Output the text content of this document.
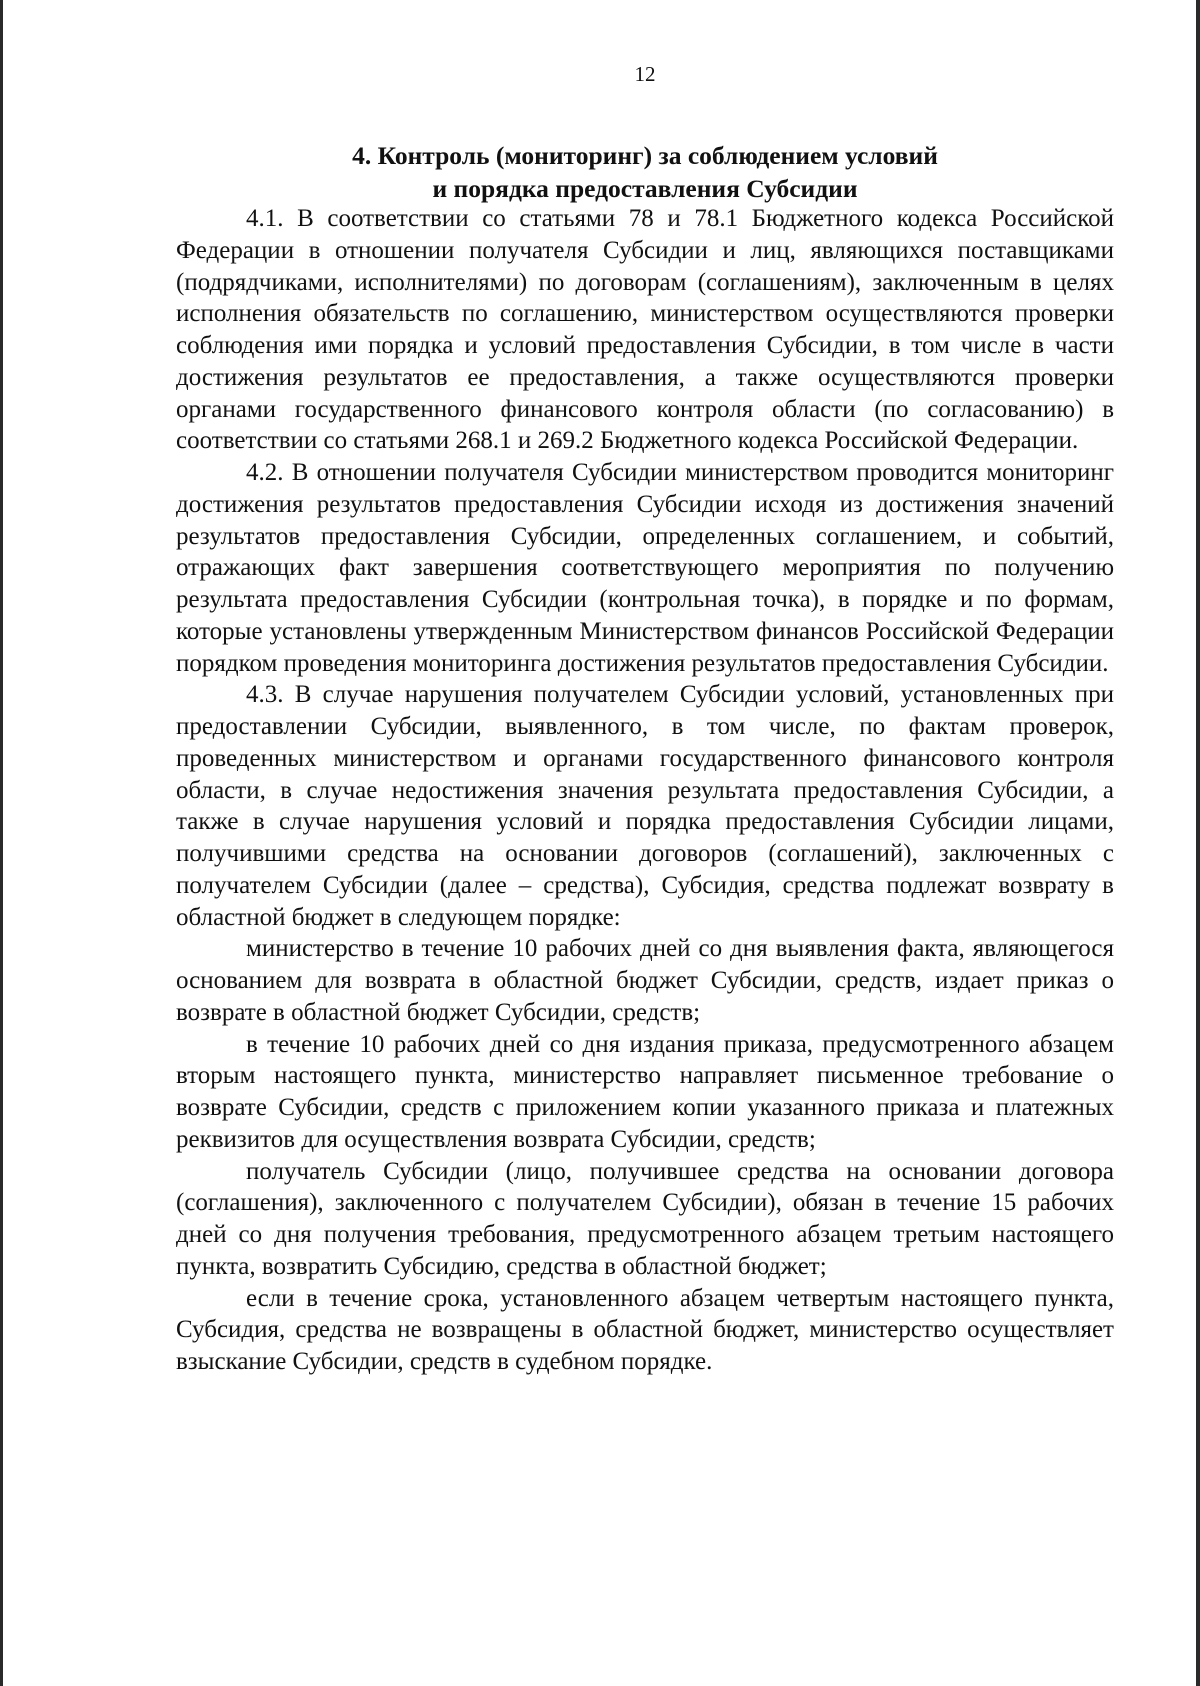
12
4. Контроль (мониторинг) за соблюдением условий
и порядка предоставления Субсидии

4.1. В соответствии со статьями 78 и 78.1 Бюджетного кодекса Российской Федерации в отношении получателя Субсидии и лиц, являющихся поставщиками (подрядчиками, исполнителями) по договорам (соглашениям), заключенным в целях исполнения обязательств по соглашению, министерством осуществляются проверки соблюдения ими порядка и условий предоставления Субсидии, в том числе в части достижения результатов ее предоставления, а также осуществляются проверки органами государственного финансового контроля области (по согласованию) в соответствии со статьями 268.1 и 269.2 Бюджетного кодекса Российской Федерации.

4.2. В отношении получателя Субсидии министерством проводится мониторинг достижения результатов предоставления Субсидии исходя из достижения значений результатов предоставления Субсидии, определенных соглашением, и событий, отражающих факт завершения соответствующего мероприятия по получению результата предоставления Субсидии (контрольная точка), в порядке и по формам, которые установлены утвержденным Министерством финансов Российской Федерации порядком проведения мониторинга достижения результатов предоставления Субсидии.

4.3. В случае нарушения получателем Субсидии условий, установленных при предоставлении Субсидии, выявленного, в том числе, по фактам проверок, проведенных министерством и органами государственного финансового контроля области, в случае недостижения значения результата предоставления Субсидии, а также в случае нарушения условий и порядка предоставления Субсидии лицами, получившими средства на основании договоров (соглашений), заключенных с получателем Субсидии (далее – средства), Субсидия, средства подлежат возврату в областной бюджет в следующем порядке:

министерство в течение 10 рабочих дней со дня выявления факта, являющегося основанием для возврата в областной бюджет Субсидии, средств, издает приказ о возврате в областной бюджет Субсидии, средств;

в течение 10 рабочих дней со дня издания приказа, предусмотренного абзацем вторым настоящего пункта, министерство направляет письменное требование о возврате Субсидии, средств с приложением копии указанного приказа и платежных реквизитов для осуществления возврата Субсидии, средств;

получатель Субсидии (лицо, получившее средства на основании договора (соглашения), заключенного с получателем Субсидии), обязан в течение 15 рабочих дней со дня получения требования, предусмотренного абзацем третьим настоящего пункта, возвратить Субсидию, средства в областной бюджет;

если в течение срока, установленного абзацем четвертым настоящего пункта, Субсидия, средства не возвращены в областной бюджет, министерство осуществляет взыскание Субсидии, средств в судебном порядке.
